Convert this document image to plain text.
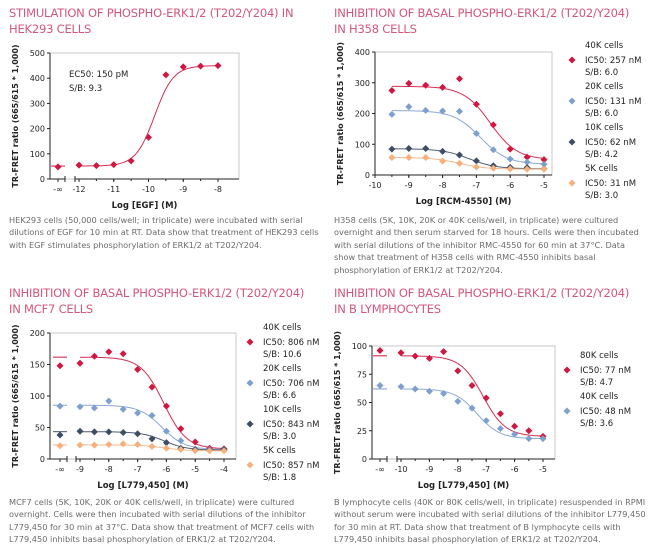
STIMULATION OF PHOSPHO-ERK1/2 (T202/Y204) IN HEK293 CELLS
INHIBITION OF BASAL PHOSPHO-ERK1/2 (T202/Y204) IN H358 CELLS
INHIBITION OF BASAL PHOSPHO-ERK1/2 (T202/Y204) IN MCF7 CELLS
INHIBITION OF BASAL PHOSPHO-ERK1/2 (T202/Y204) IN B LYMPHOCYTES
HEK293 cells (50,000 cells/well; in triplicate) were incubated with serial dilutions of EGF for 10 min at RT. Data show that treatment of HEK293 cells with EGF stimulates phosphorylation of ERK1/2 at T202/Y204.
H358 cells (5K, 10K, 20K or 40K cells/well, in triplicate) were cultured overnight and then serum starved for 18 hours. Cells were then incubated with serial dilutions of the inhibitor RMC-4550 for 60 min at 37°C. Data show that treatment of H358 cells with RMC-4550 inhibits basal phosphorylation of ERK1/2 at T202/Y204.
MCF7 cells (5K, 10K, 20K or 40K cells/well, in triplicate) were cultured overnight. Cells were then incubated with serial dilutions of the inhibitor L779,450 for 30 min at 37°C. Data show that treatment of MCF7 cells with L779,450 inhibits basal phosphorylation of ERK1/2 at T202/Y204.
B lymphocyte cells (40K or 80K cells/well, in triplicate) resuspended in RPMI without serum were incubated with serial dilutions of the inhibitor L779,450 for 30 min at RT. Data show that treatment of B lymphocyte cells with L779,450 inhibits basal phosphorylation of ERK1/2 at T202/Y204.
0
100
200
300
400
500
-∞ -12	-11	-10	-9	-8
Log [EGF] (M)
TR-FRET ratio (665/615 * 1,000)	0
100
200
300
400
-10	-9	-8	-7	-6	-5
Log [RCM-4550] (M)
TR-FRET ratio (665/615 * 1,000)	40K cells
IC50: 257 nM
S/B: 6.0
20K cells
IC50: 131 nM
S/B: 6.0
10K cells
IC50: 62 nM
S/B: 4.2
5K cells
IC50: 31 nM
S/B: 3.0
0
50
100
150
200
-∞ -9	-8	-7	-6	-5	-4
Log [L779,450] (M)
TR-FRET ratio (665/615 * 1,000)	40K cells
IC50: 806 nM
S/B: 10.6
20K cells
IC50: 706 nM
S/B: 6.6
10K cells
IC50: 843 nM
S/B: 3.0
5K cells
IC50: 857 nM
S/B: 1.8
0
25
50
75
100
-∞ -10 -9	-8	-7	-6	-5
Log [L779,450] (M)
TR-FRET ratio (665/615 * 1,000)	80K cells
IC50: 77 nM
S/B: 4.7
40K cells
IC50: 48 nM
S/B: 3.6
EC50: 150 pM
S/B: 9.3
